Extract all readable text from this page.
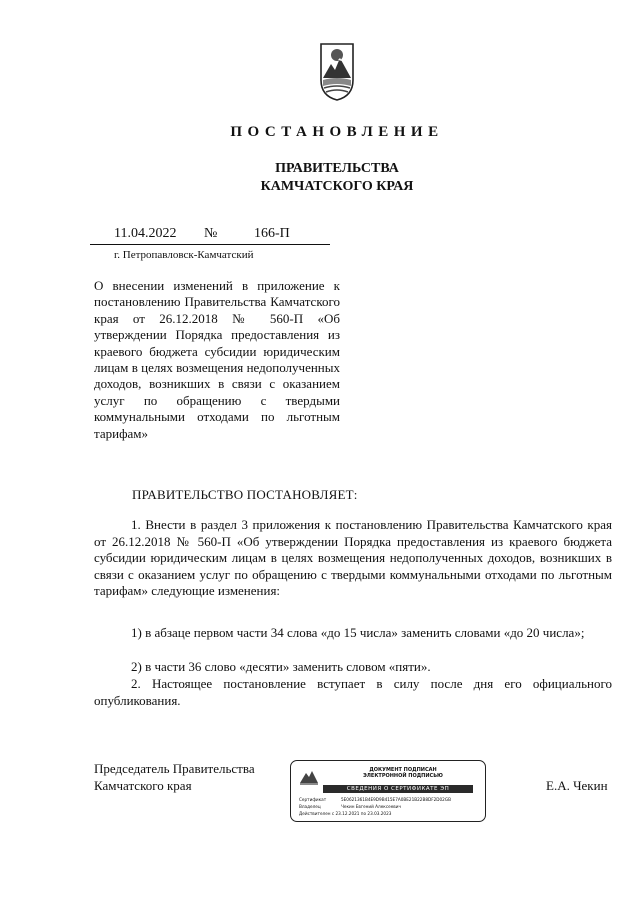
ПОСТАНОВЛЕНИЕ
ПРАВИТЕЛЬСТВА
КАМЧАТСКОГО КРАЯ
11.04.2022 №	166-П
г. Петропавловск-Камчатский
О внесении изменений в приложение к постановлению Правительства Камчатского края от 26.12.2018 № 560-П «Об утверждении Порядка предоставления из краевого бюджета субсидии юридическим лицам в целях возмещения недополученных доходов, возникших в связи с оказанием услуг по обращению с твердыми коммунальными отходами по льготным тарифам»
ПРАВИТЕЛЬСТВО ПОСТАНОВЛЯЕТ:
1. Внести в раздел 3 приложения к постановлению Правительства Камчатского края от 26.12.2018 № 560-П «Об утверждении Порядка предоставления из краевого бюджета субсидии юридическим лицам в целях возмещения недополученных доходов, возникших в связи с оказанием услуг по обращению с твердыми коммунальными отходами по льготным тарифам» следующие изменения:
1) в абзаце первом части 34 слова «до 15 числа» заменить словами «до 20 числа»;
2) в части 36 слово «десяти» заменить словом «пяти».
2. Настоящее постановление вступает в силу после дня его официального опубликования.
Председатель Правительства
Камчатского края
ДОКУМЕНТ ПОДПИСАН
ЭЛЕКТРОННОЙ ПОДПИСЬЮ
СВЕДЕНИЯ О СЕРТИФИКАТЕ ЭП
Сертификат	5E0621361B4E9D9B415E7A0BE21B22B8DF2D02GB
Владелец	Чекин Евгений Алексеевич
Действителен с 23.12.2021 по 23.03.2023
Е.А. Чекин
